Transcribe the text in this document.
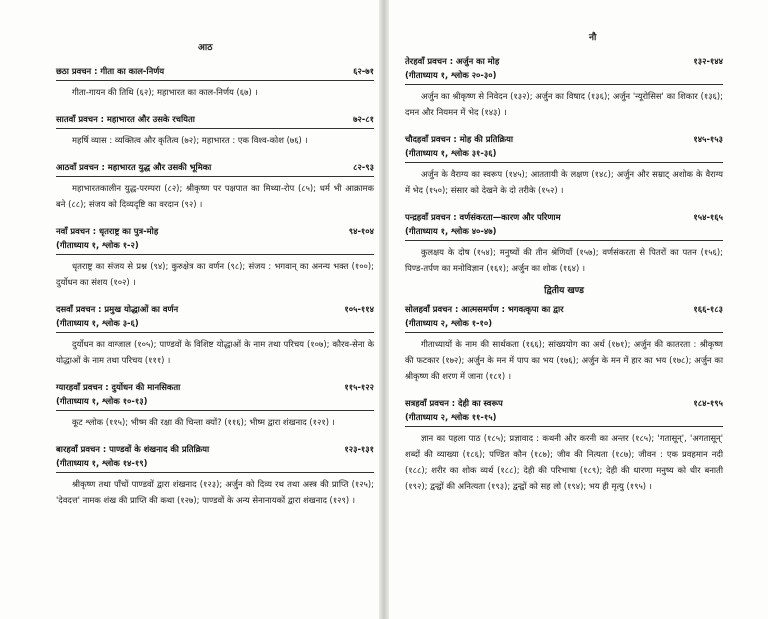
आठ
छठा प्रवचन : गीता का काल-निर्णय	६२-७१
गीता-गायन की तिथि (६२); महाभारत का काल-निर्णय (६७) ।
सातवाँ प्रवचन : महाभारत और उसके रचयिता	७२-८१
महर्षि व्यास : व्यक्तित्व और कृतित्व (७२); महाभारत : एक विश्व-कोश (७६) ।
आठवाँ प्रवचन : महाभारत युद्ध और उसकी भूमिका	८२-९३
महाभारतकालीन युद्ध-परम्परा (८२); श्रीकृष्ण पर पक्षपात का मिथ्या-रोप (८५); धर्म भी आक्रामक बने (८८); संजय को दिव्यदृष्टि का वरदान (९२) ।
नवाँ प्रवचन : धृतराष्ट्र का पुत्र-मोह	९४-१०४
(गीताध्याय १, श्लोक १-२)
धृतराष्ट्र का संजय से प्रश्न (९४); कुरुक्षेत्र का वर्णन (९८); संजय : भगवान् का अनन्य भक्त (१००); दुर्योधन का संशय (१०२) ।
दसवाँ प्रवचन : प्रमुख योद्धाओं का वर्णन	१०५-११४
(गीताध्याय १, श्लोक ३-६)
दुर्योधन का वाग्जाल (१०५); पाण्डवों के विशिष्ट योद्धाओं के नाम तथा परिचय (१०७); कौरव-सेना के योद्धाओं के नाम तथा परिचय (१११) ।
ग्यारहवाँ प्रवचन : दुर्योधन की मानसिकता	११५-१२२
(गीताध्याय १, श्लोक १०-१३)
कूट श्लोक (११५); भीष्म की रक्षा की चिन्ता क्यों? (११६); भीष्म द्वारा शंखनाद (१२१) ।
बारहवाँ प्रवचन : पाण्डवों के शंखनाद की प्रतिक्रिया	१२३-१३१
(गीताध्याय १, श्लोक १४-१९)
श्रीकृष्ण तथा पाँचों पाण्डवों द्वारा शंखनाद (१२३); अर्जुन को दिव्य रथ तथा अस्त्र की प्राप्ति (१२५); 'देवदत्त' नामक शंख की प्राप्ति की कथा (१२७); पाण्डवों के अन्य सेनानायकों द्वारा शंखनाद (१२९) ।
नौ
तेरहवाँ प्रवचन : अर्जुन का मोह	१३२-१४४
(गीताध्याय १, श्लोक २०-३०)
अर्जुन का श्रीकृष्ण से निवेदन (१३२); अर्जुन का विषाद (१३६); अर्जुन 'न्यूरोसिस' का शिकार (१३६); दमन और नियमन में भेद (१४३) ।
चौदहवाँ प्रवचन : मोह की प्रतिक्रिया	१४५-१५३
(गीताध्याय १, श्लोक ३१-३६)
अर्जुन के वैराग्य का स्वरूप (१४५); आततायी के लक्षण (१४८); अर्जुन और सम्राट् अशोक के वैराग्य में भेद (१५०); संसार को देखने के दो तरीके (१५२) ।
पन्द्रहवाँ प्रवचन : वर्णसंकरता—कारण और परिणाम	१५४-१६५
(गीताध्याय १, श्लोक ४०-४७)
कुलक्षय के दोष (१५४); मनुष्यों की तीन श्रेणियाँ (१५७); वर्णसंकरता से पितरों का पतन (१५६); पिण्ड-तर्पण का मनोविज्ञान (१६१); अर्जुन का शोक (१६४) ।
द्वितीय खण्ड
सोलहवाँ प्रवचन : आत्मसमर्पण : भगवत्कृपा का द्वार	१६६-१८३
(गीताध्याय २, श्लोक १-१०)
गीताध्यायों के नाम की सार्थकता (१६६); सांख्ययोग का अर्थ (१७१); अर्जुन की कातरता : श्रीकृष्ण की फटकार (१७२); अर्जुन के मन में पाप का भय (१७६); अर्जुन के मन में हार का भय (१७८); अर्जुन का श्रीकृष्ण की शरण में जाना (१८१) ।
सत्रहवाँ प्रवचन : देही का स्वरूप	१८४-१९५
(गीताध्याय २, श्लोक ११-१५)
ज्ञान का पहला पाठ (१८५); प्रज्ञावाद : कथनी और करनी का अन्तर (१८५); 'गतासून्', 'अगतासून्' शब्दों की व्याख्या (१८६); पण्डित कौन (१८७); जीव की नित्यता (१८७); जीवन : एक प्रवहमान नदी (१८८); शरीर का शोक व्यर्थ (१८८); देही की परिभाषा (१८९); देही की धारणा मनुष्य को धीर बनाती (१९२); द्वन्द्वों की अनित्यता (१९३); द्वन्द्वों को सह लो (१९४); भय ही मृत्यु (१९५) ।
